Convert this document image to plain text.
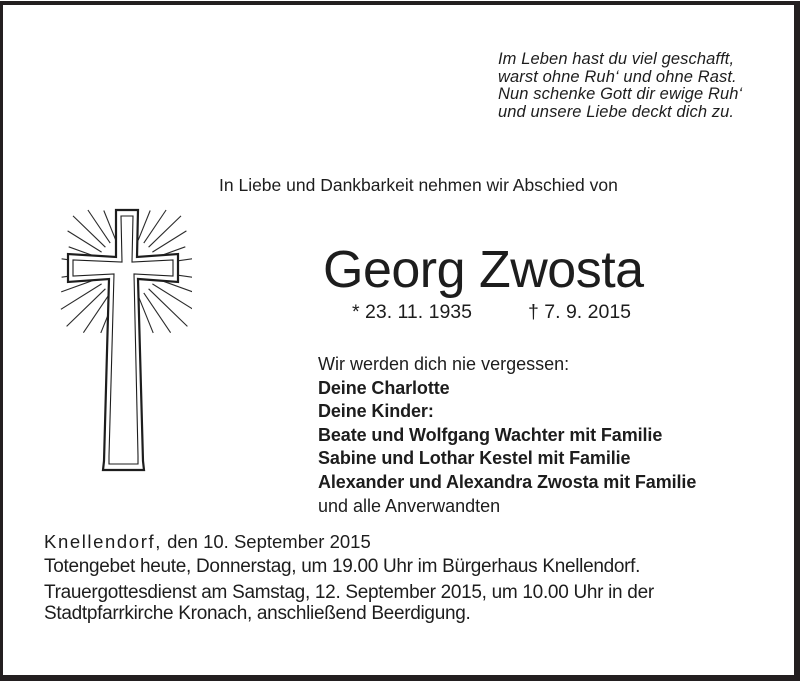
Im Leben hast du viel geschafft,
warst ohne Ruh‘ und ohne Rast.
Nun schenke Gott dir ewige Ruh‘
und unsere Liebe deckt dich zu.
In Liebe und Dankbarkeit nehmen wir Abschied von
Georg Zwosta
* 23. 11. 1935	† 7. 9. 2015
Wir werden dich nie vergessen:
Deine Charlotte
Deine Kinder:
Beate und Wolfgang Wachter mit Familie
Sabine und Lothar Kestel mit Familie
Alexander und Alexandra Zwosta mit Familie
und alle Anverwandten
Knellendorf, den 10. September 2015

Totengebet heute, Donnerstag, um 19.00 Uhr im Bürgerhaus Knellendorf.

Trauergottesdienst am Samstag, 12. September 2015, um 10.00 Uhr in der
Stadtpfarrkirche Kronach, anschließend Beerdigung.
